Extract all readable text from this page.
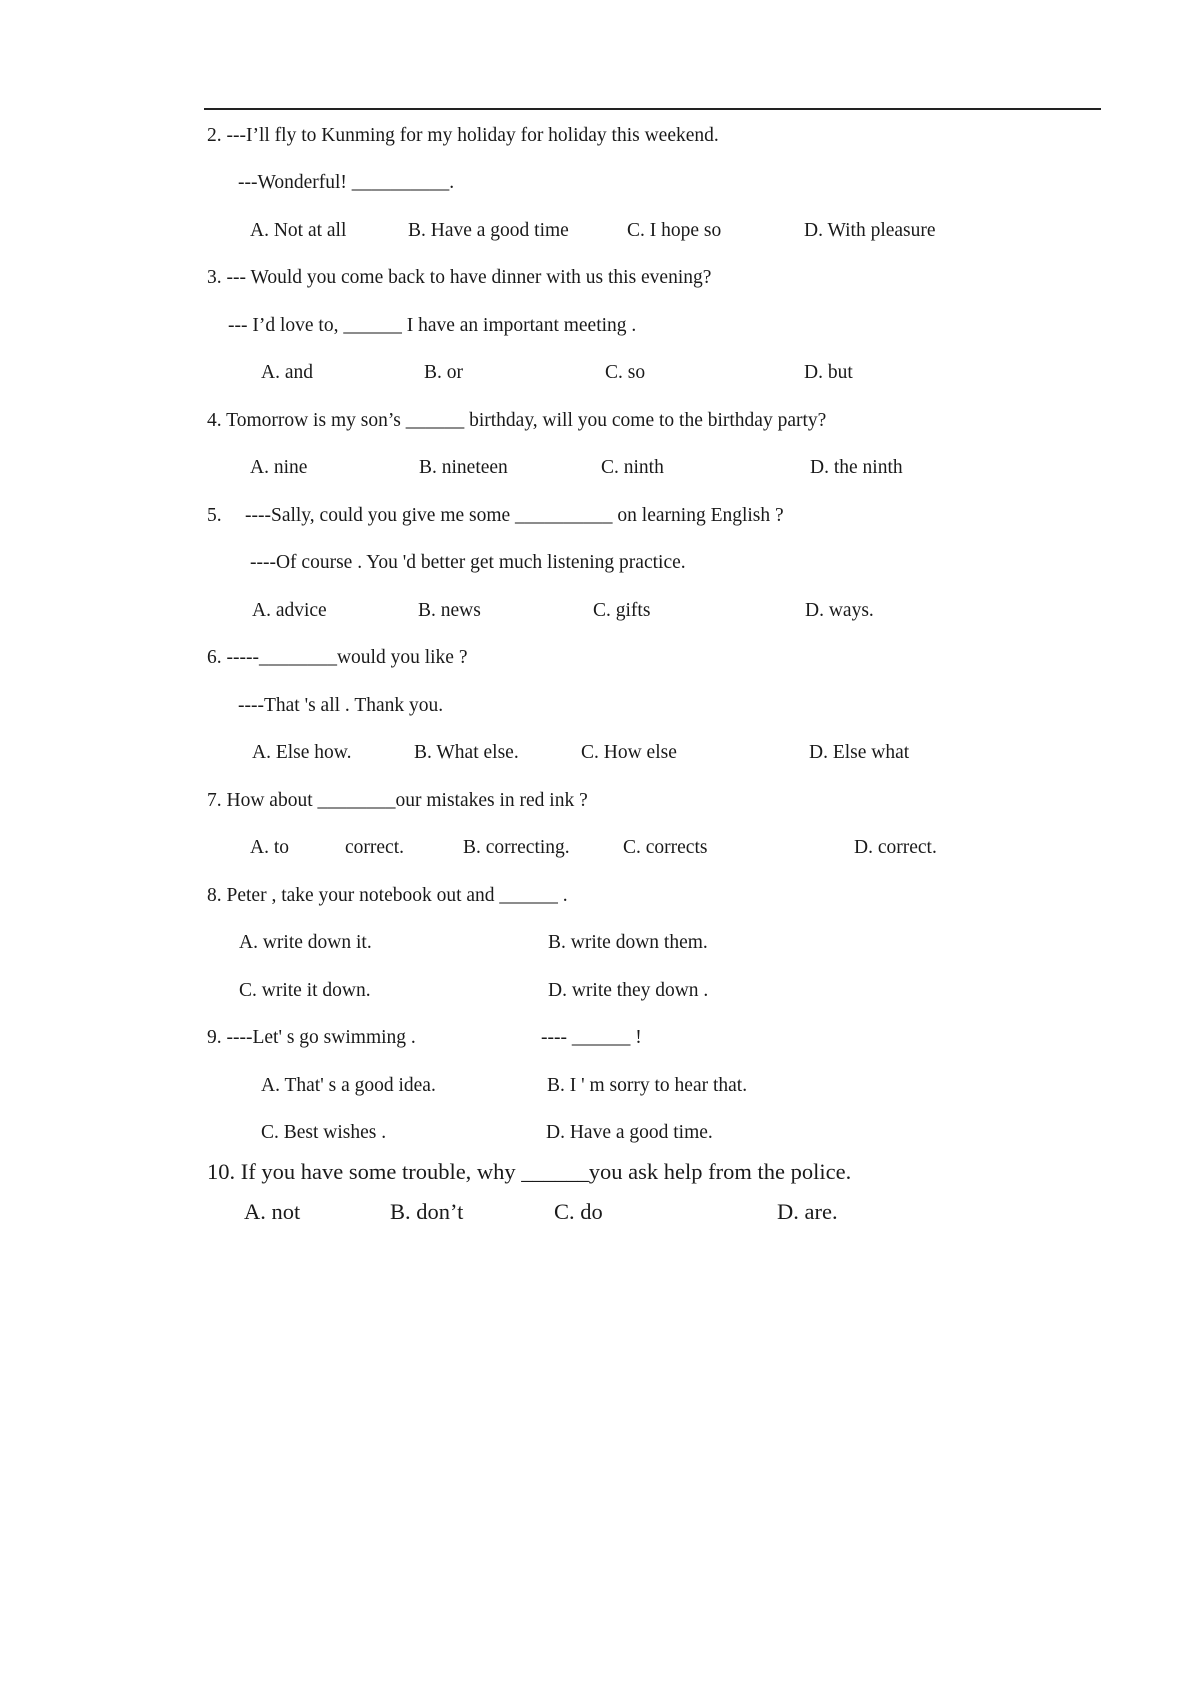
2. ---I’ll fly to Kunming for my holiday for holiday this weekend.
---Wonderful! __________.
A. Not at all	B. Have a good time	C. I hope so	D. With pleasure
3. --- Would you come back to have dinner with us this evening?
--- I’d love to, ______ I have an important meeting .
A. and	B. or	C. so	D. but
4. Tomorrow is my son’s ______ birthday, will you come to the birthday party?
A. nine	B. nineteen	C. ninth	D. the ninth
5. ----Sally, could you give me some __________ on learning English ?
----Of course . You 'd better get much listening practice.
A. advice	B. news	C. gifts	D. ways.
6. -----________would you like ?
----That 's all . Thank you.
A. Else how.	B. What else.	C. How else	D. Else what
7. How about ________our mistakes in red ink ?
A. to	correct.	B. correcting.	C. corrects	D. correct.
8. Peter , take your notebook out and ______ .
A. write down it.	B. write down them.
C. write it down.	D. write they down .
9. ----Let' s go swimming .	---- ______ !
A. That' s a good idea.	B. I ' m sorry to hear that.
C. Best wishes .	D. Have a good time.
10. If you have some trouble, why ______you ask help from the police.
A. not	B. don’t	C. do	D. are.
